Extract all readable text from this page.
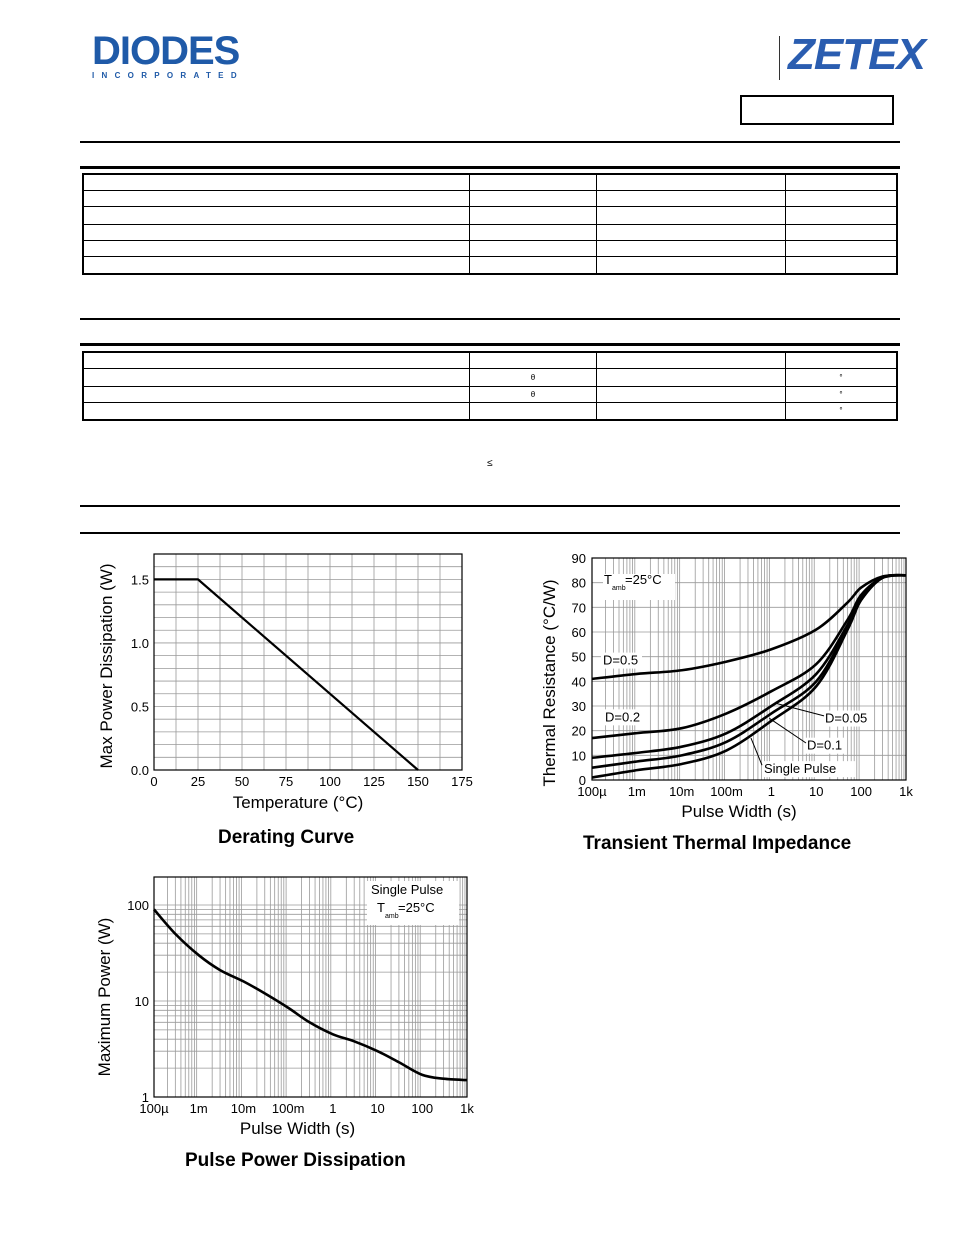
DIODES
INCORPORATED	ZETEX

	θ		°
	θ		°
			°
≤
0	25 50 75 100 125 150 175
0.0
0.5
1.0
1.5
Temperature (°C)
Max Power Dissipation (W)
Derating Curve
100µ 1m 10m 100m 1	10 100 1k
0
10
20
30
40
50
60
70
80
90
Pulse Width (s)
Thermal Resistance (°C/W)	T
amb
=25°C
D=0.5
D=0.2	D=0.05
D=0.1
Single Pulse
Transient Thermal Impedance
100µ 1m 10m 100m 1	10 100 1k
1
10
100
Pulse Width (s)
Maximum Power (W)
Single Pulse
T
amb
=25°C
Pulse Power Dissipation
